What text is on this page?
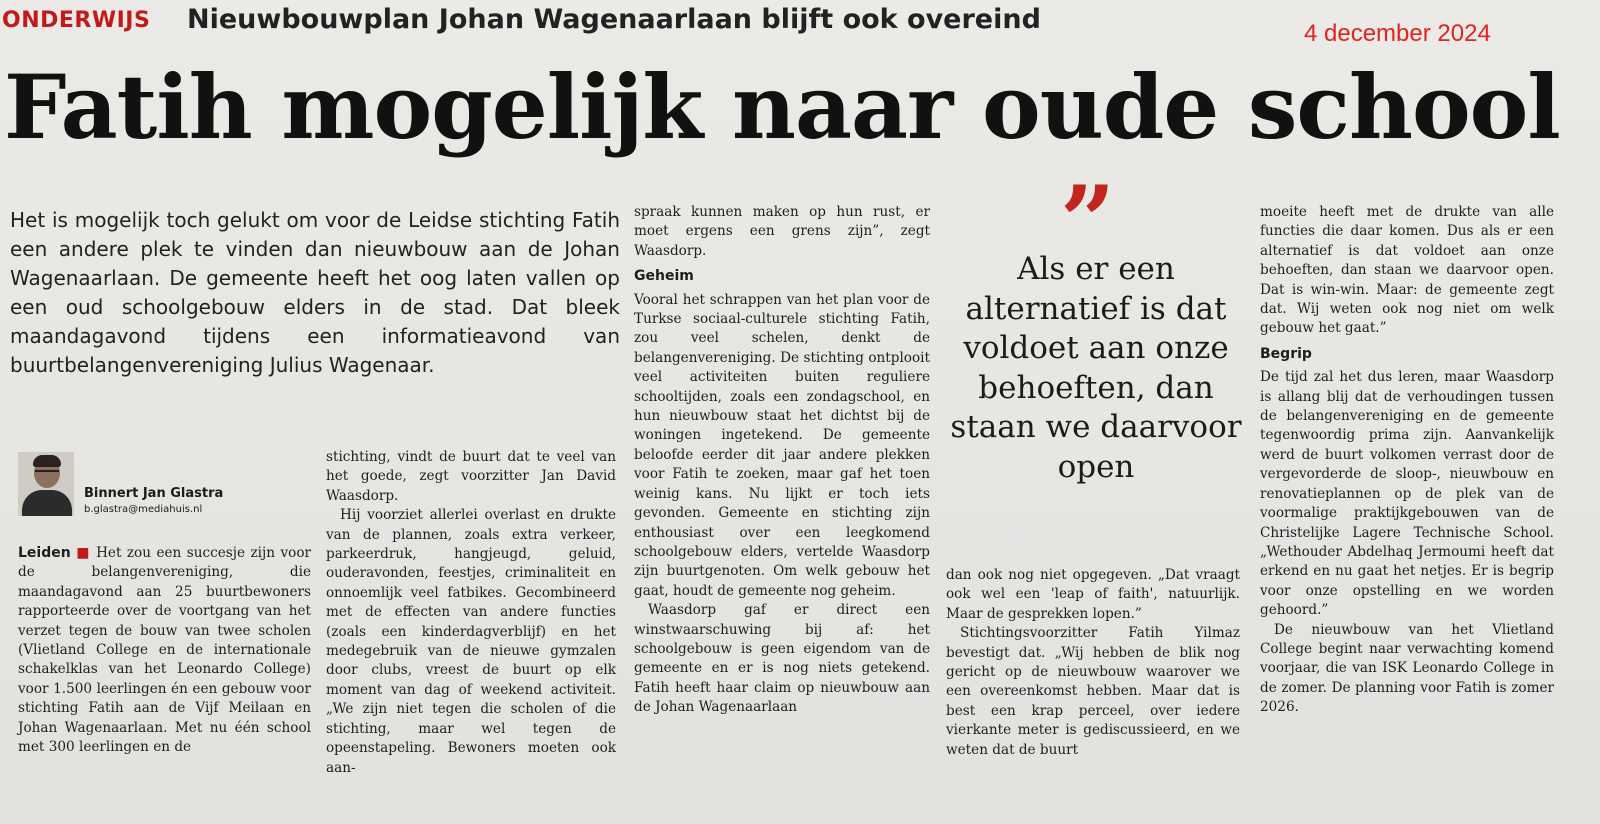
ONDERWIJS Nieuwbouwplan Johan Wagenaarlaan blijft ook overeind	4 december 2024
Fatih mogelijk naar oude school

Het is mogelijk toch gelukt om voor de Leidse stichting Fatih een andere plek te vinden dan nieuwbouw aan de Johan Wagenaarlaan. De gemeente heeft het oog laten vallen op een oud schoolgebouw elders in de stad. Dat bleek maandagavond tijdens een informatieavond van buurtbelangenvereniging Julius Wagenaar.

Binnert Jan Glastra
b.glastra@mediahuis.nl

Leiden ■ Het zou een succesje zijn voor de belangenvereniging, die maandagavond aan 25 buurtbewoners rapporteerde over de voortgang van het verzet tegen de bouw van twee scholen (Vlietland College en de internationale schakelklas van het Leonardo College) voor 1.500 leerlingen én een gebouw voor stichting Fatih aan de Vijf Meilaan en Johan Wagenaarlaan. Met nu één school met 300 leerlingen en de

stichting, vindt de buurt dat te veel van het goede, zegt voorzitter Jan David Waasdorp.

Hij voorziet allerlei overlast en drukte van de plannen, zoals extra verkeer, parkeerdruk, hangjeugd, geluid, ouderavonden, feestjes, criminaliteit en onnoemlijk veel fatbikes. Gecombineerd met de effecten van andere functies (zoals een kinderdagverblijf) en het medegebruik van de nieuwe gymzalen door clubs, vreest de buurt op elk moment van dag of weekend activiteit. „We zijn niet tegen die scholen of die stichting, maar wel tegen de opeenstapeling. Bewoners moeten ook aan-

spraak kunnen maken op hun rust, er moet ergens een grens zijn”, zegt Waasdorp.

Geheim

Vooral het schrappen van het plan voor de Turkse sociaal-culturele stichting Fatih, zou veel schelen, denkt de belangenvereniging. De stichting ontplooit veel activiteiten buiten reguliere schooltijden, zoals een zondagschool, en hun nieuwbouw staat het dichtst bij de woningen ingetekend. De gemeente beloofde eerder dit jaar andere plekken voor Fatih te zoeken, maar gaf het toen weinig kans. Nu lijkt er toch iets gevonden. Gemeente en stichting zijn enthousiast over een leegkomend schoolgebouw elders, vertelde Waasdorp zijn buurtgenoten. Om welk gebouw het gaat, houdt de gemeente nog geheim.

Waasdorp gaf er direct een winstwaarschuwing bij af: het schoolgebouw is geen eigendom van de gemeente en er is nog niets getekend. Fatih heeft haar claim op nieuwbouw aan de Johan Wagenaarlaan

”
Als er een alternatief is dat voldoet aan onze behoeften, dan staan we daarvoor open

dan ook nog niet opgegeven. „Dat vraagt ook wel een 'leap of faith', natuurlijk. Maar de gesprekken lopen.”

Stichtingsvoorzitter Fatih Yilmaz bevestigt dat. „Wij hebben de blik nog gericht op de nieuwbouw waarover we een overeenkomst hebben. Maar dat is best een krap perceel, over iedere vierkante meter is gediscussieerd, en we weten dat de buurt

moeite heeft met de drukte van alle functies die daar komen. Dus als er een alternatief is dat voldoet aan onze behoeften, dan staan we daarvoor open. Dat is win-win. Maar: de gemeente zegt dat. Wij weten ook nog niet om welk gebouw het gaat.”

Begrip

De tijd zal het dus leren, maar Waasdorp is allang blij dat de verhoudingen tussen de belangenvereniging en de gemeente tegenwoordig prima zijn. Aanvankelijk werd de buurt volkomen verrast door de vergevorderde de sloop-, nieuwbouw en renovatieplannen op de plek van de voormalige praktijkgebouwen van de Christelijke Lagere Technische School. „Wethouder Abdelhaq Jermoumi heeft dat erkend en nu gaat het netjes. Er is begrip voor onze opstelling en we worden gehoord.”

De nieuwbouw van het Vlietland College begint naar verwachting komend voorjaar, die van ISK Leonardo College in de zomer. De planning voor Fatih is zomer 2026.
